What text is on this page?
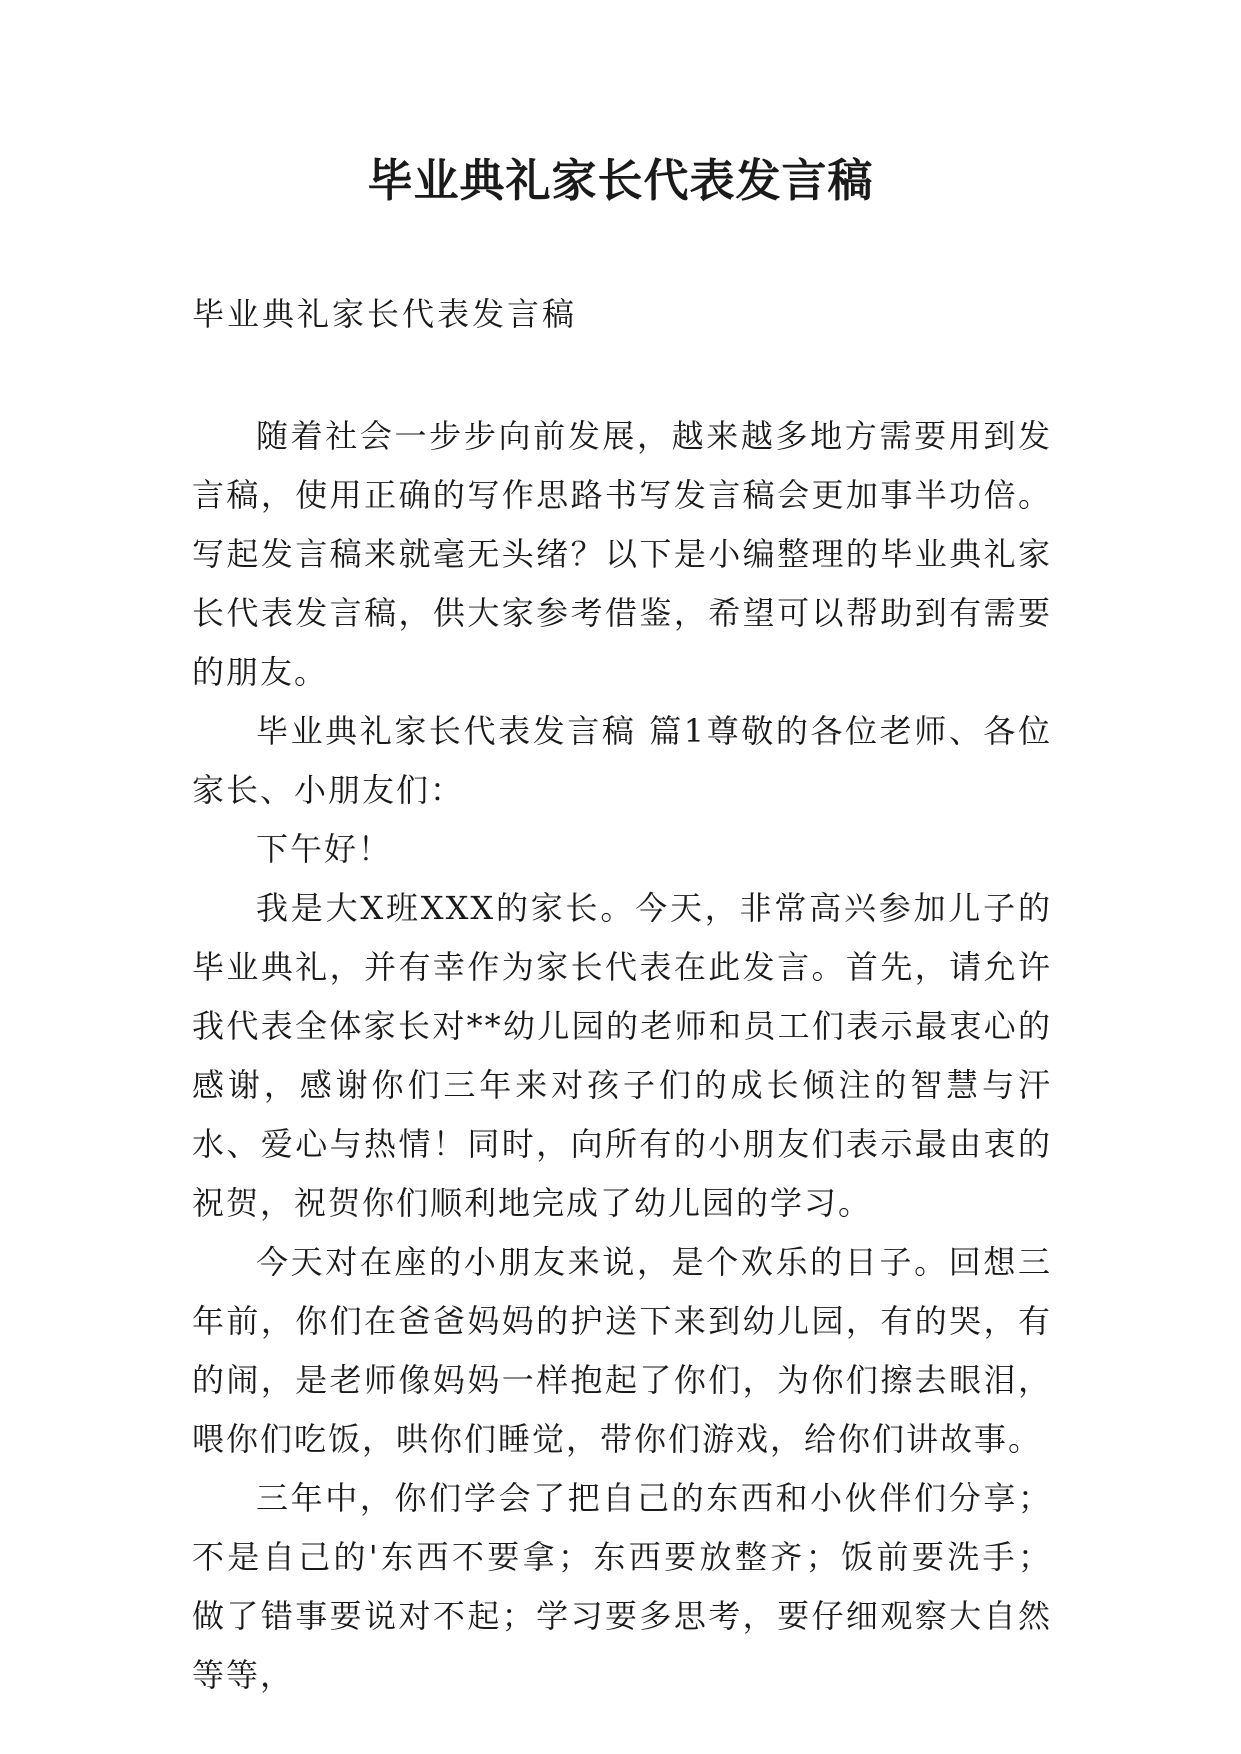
毕业典礼家长代表发言稿

毕业典礼家长代表发言稿

随着社会一步步向前发展，越来越多地方需要用到发言稿，使用正确的写作思路书写发言稿会更加事半功倍。写起发言稿来就毫无头绪？以下是小编整理的毕业典礼家长代表发言稿，供大家参考借鉴，希望可以帮助到有需要的朋友。

毕业典礼家长代表发言稿 篇1尊敬的各位老师、各位家长、小朋友们：

下午好！

我是大X班XXX的家长。今天，非常高兴参加儿子的毕业典礼，并有幸作为家长代表在此发言。首先，请允许我代表全体家长对**幼儿园的老师和员工们表示最衷心的感谢，感谢你们三年来对孩子们的成长倾注的智慧与汗水、爱心与热情！同时，向所有的小朋友们表示最由衷的祝贺，祝贺你们顺利地完成了幼儿园的学习。

今天对在座的小朋友来说，是个欢乐的日子。回想三年前，你们在爸爸妈妈的护送下来到幼儿园，有的哭，有的闹，是老师像妈妈一样抱起了你们，为你们擦去眼泪，喂你们吃饭，哄你们睡觉，带你们游戏，给你们讲故事。

三年中，你们学会了把自己的东西和小伙伴们分享；不是自己的'东西不要拿；东西要放整齐；饭前要洗手；做了错事要说对不起；学习要多思考，要仔细观察大自然等等，
